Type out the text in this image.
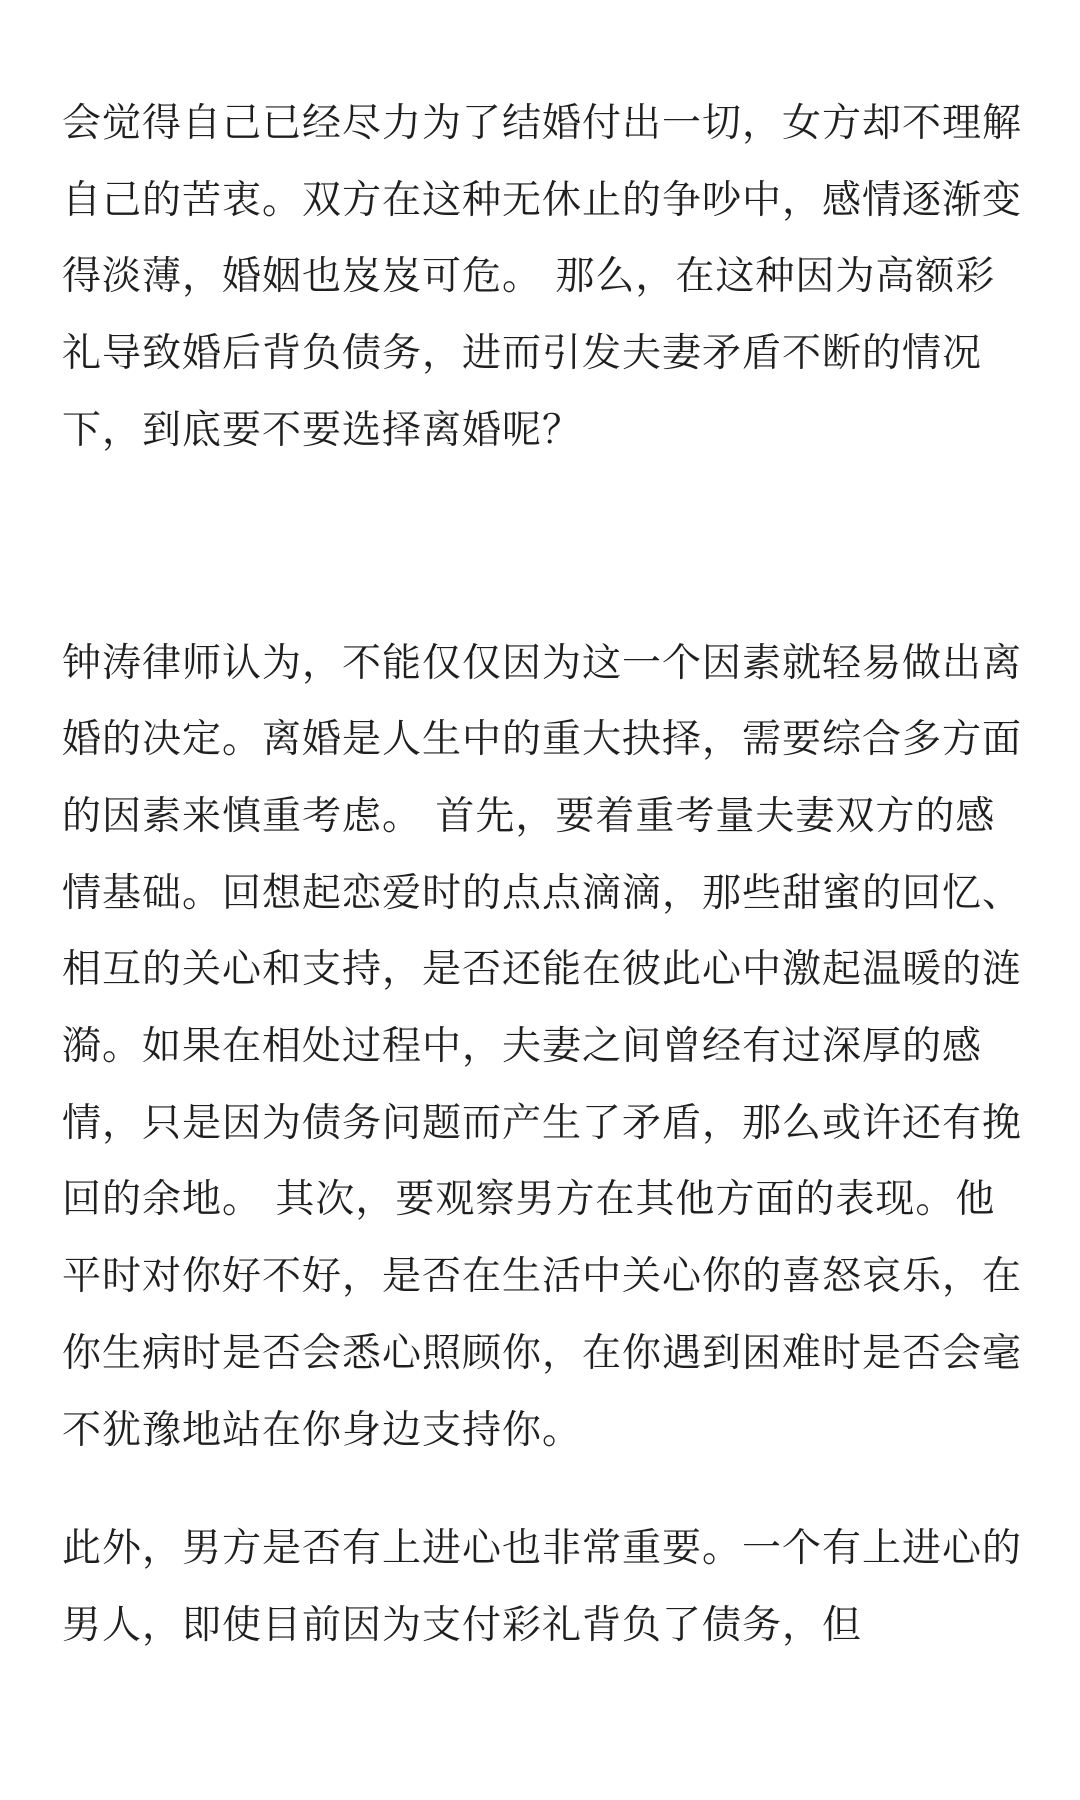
会觉得自己已经尽力为了结婚付出一切，女方却不理解自己的苦衷。双方在这种无休止的争吵中，感情逐渐变得淡薄，婚姻也岌岌可危。 那么，在这种因为高额彩礼导致婚后背负债务，进而引发夫妻矛盾不断的情况下，到底要不要选择离婚呢？

钟涛律师认为，不能仅仅因为这一个因素就轻易做出离婚的决定。离婚是人生中的重大抉择，需要综合多方面的因素来慎重考虑。 首先，要着重考量夫妻双方的感情基础。回想起恋爱时的点点滴滴，那些甜蜜的回忆、相互的关心和支持，是否还能在彼此心中激起温暖的涟漪。如果在相处过程中，夫妻之间曾经有过深厚的感情，只是因为债务问题而产生了矛盾，那么或许还有挽回的余地。 其次，要观察男方在其他方面的表现。他平时对你好不好，是否在生活中关心你的喜怒哀乐，在你生病时是否会悉心照顾你，在你遇到困难时是否会毫不犹豫地站在你身边支持你。

此外，男方是否有上进心也非常重要。一个有上进心的男人，即使目前因为支付彩礼背负了债务，但
